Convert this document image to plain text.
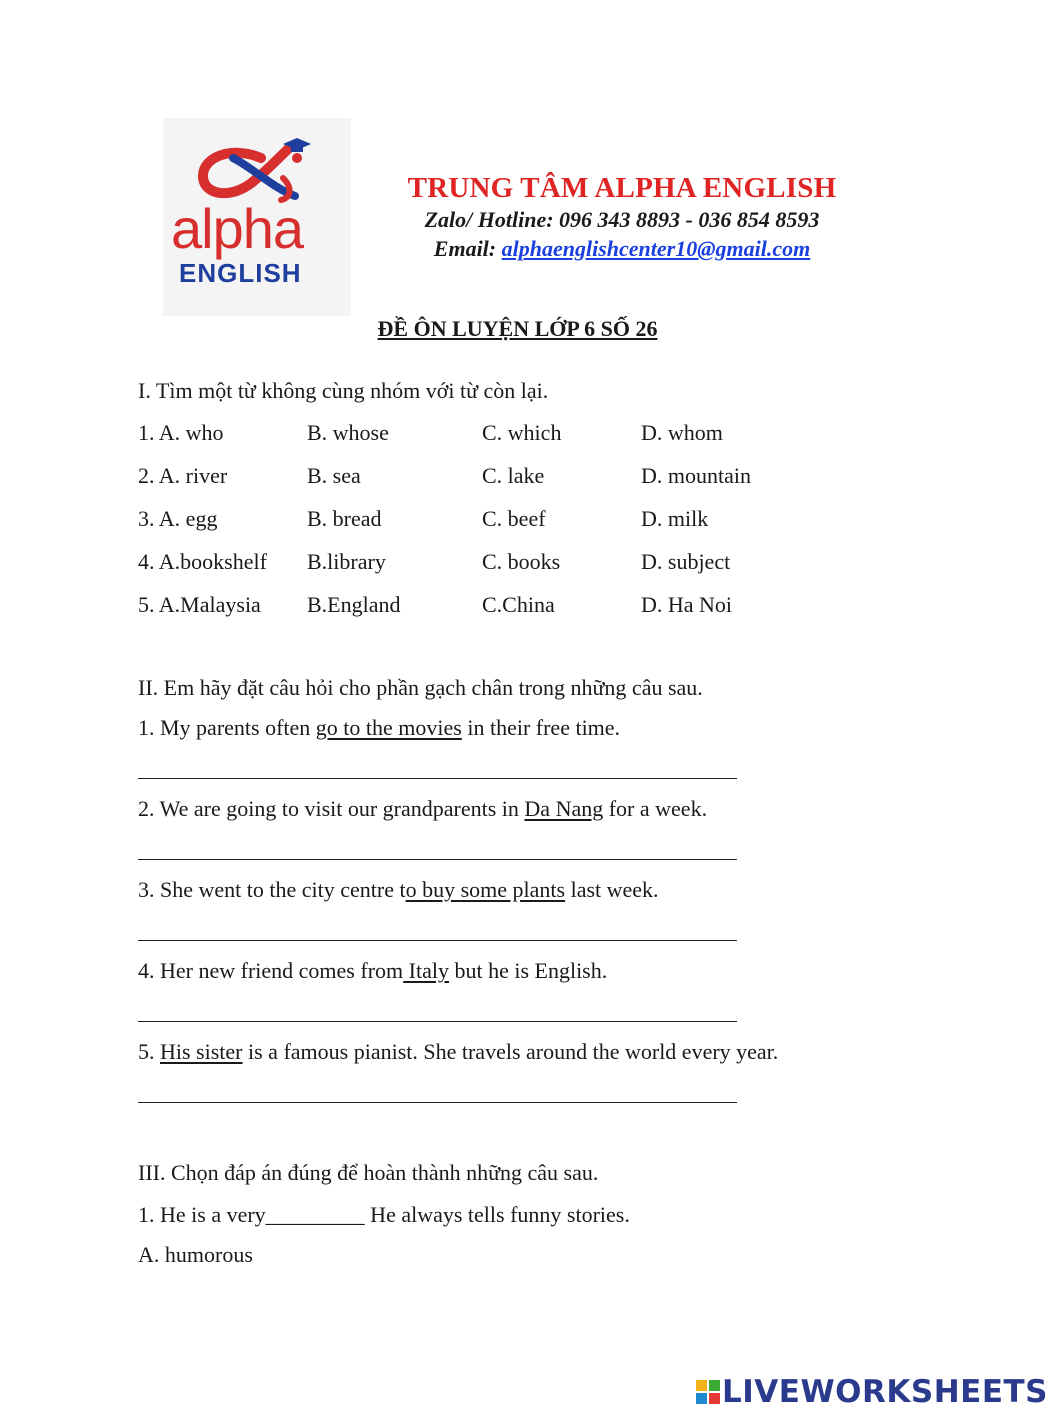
alpha
ENGLISH
TRUNG TÂM ALPHA ENGLISH
Zalo/ Hotline: 096 343 8893 - 036 854 8593
Email: alphaenglishcenter10@gmail.com
ĐỀ ÔN LUYỆN LỚP 6 SỐ 26
I. Tìm một từ không cùng nhóm với từ còn lại.
1. A. who	B. whose	C. which	D. whom
2. A. river	B. sea	C. lake	D. mountain
3. A. egg	B. bread	C. beef	D. milk
4. A.bookshelf B.library	C. books	D. subject
5. A.Malaysia B.England	C.China	D. Ha Noi
II. Em hãy đặt câu hỏi cho phần gạch chân trong những câu sau.
1. My parents often go to the movies in their free time.
2. We are going to visit our grandparents in Da Nang for a week.
3. She went to the city centre to buy some plants last week.
4. Her new friend comes from Italy but he is English.
5. His sister is a famous pianist. She travels around the world every year.
III. Chọn đáp án đúng để hoàn thành những câu sau.
1. He is a very_________ He always tells funny stories.
A. humorous
LIVEWORKSHEETS
